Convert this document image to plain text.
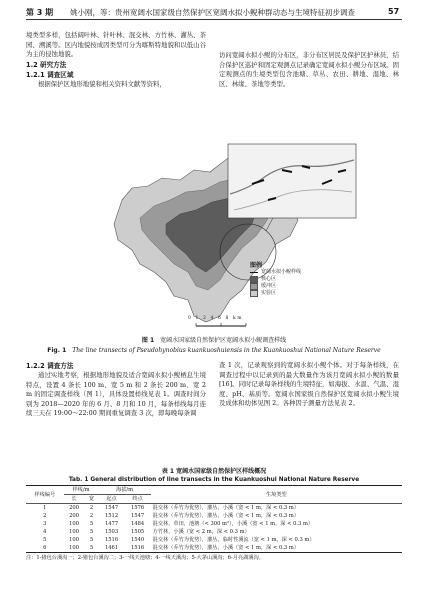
第 3 期 姚小刚，等：贵州宽阔水国家级自然保护区宽阔水拟小鲵种群动态与生境特征初步调查	57

境类型多样，包括阔叶林、针叶林、混交林、方竹林、灌丛、茶园、溯溪等。区内地貌按成因类型可分为喀斯特地貌和以低山谷为主的侵蚀地貌。

1.2 研究方法
1.2.1 调查区域

根据保护区地形地貌和相关资料文献等资料，

访问宽阔水拟小鲵的分布区，非分布区居民及保护区护林员，结合保护区巡护和固定观测点记录确定宽阔水拟小鲵分布区域。固定观测点的生境类型包含池塘、草丛、农田、耕地、湿地、林区、林缘、茶地等类型。

图例
宽阔水拟小鲵样线
核心区
缓冲区
实验区
0 1 2 4 6 8 km
图 1 宽阔水国家级自然保护区宽阔水拟小鲵调查样线
Fig. 1 The line transects of Pseudohynobius kuankuoshuiensis in the Kuankuoshui National Nature Reserve
1.2.2 调查方法

通过实地考察，根据地形地貌及适合宽阔水拟小鲵栖息生境特点，设置 4 条长 100 m、宽 5 m 和 2 条长 200 m、宽 2 m 的固定调查样线（图 1），具体设置样线见表 1。调查时间分别为 2018—2020 年的 6 月、8 月和 10 月，每条样线每月连续三天在 19:00～22:00 期间重复调查 3 次，即每晚每条调

查 1 次，记录观察到的宽阔水拟小鲵个体。对于每条样线，在调查过程中以记录到的最大数量作为该月宽阔水拟小鲵的数量[16]。同时记录每条样线的生境特征，如海拔、水温、气温、湿度、pH、基质等。宽阔水国家级自然保护区宽阔水拟小鲵生境及成体和幼体见图 2。各种因子测量方法见表 2。

表 1 宽阔水国家级自然保护区样线概况
Tab. 1 General distribution of line transects in the Kuankuoshui National Nature Reserve
样线编号	样线/m		海拔/m		生境类型
	长	宽	起点	终点	
1	200	2	1547	1576	混交林（乔竹为优势），灌丛，小溪（宽 < 1 m，深 < 0.3 m）
2	200	2	1512	1547	混交林（乔竹为优势），灌丛，小溪（宽 < 1 m，深 < 0.3 m）
3	100	5	1477	1484	混交林，草田，池塘（< 300 m²），小溪（宽 < 1 m，深 < 0.3 m）
4	100	5	1503	1505	方竹林，小溪（宽 < 2 m，深 < 0.3 m）
5	100	5	1516	1540	混交林（乔竹为优势），灌丛，临时性溪流（宽 < 1 m，深 < 0.3 m）
6	100	5	1461	1516	混交林（乔竹为优势），灌丛，小溪（宽 < 1 m，深 < 0.3 m）
注：1-猪包台溪沟一；2-猪包台溪沟二；3-一线天池塘；4-一线天溪沟；5-大茅山溪沟；6-月亮湖溪沟。
